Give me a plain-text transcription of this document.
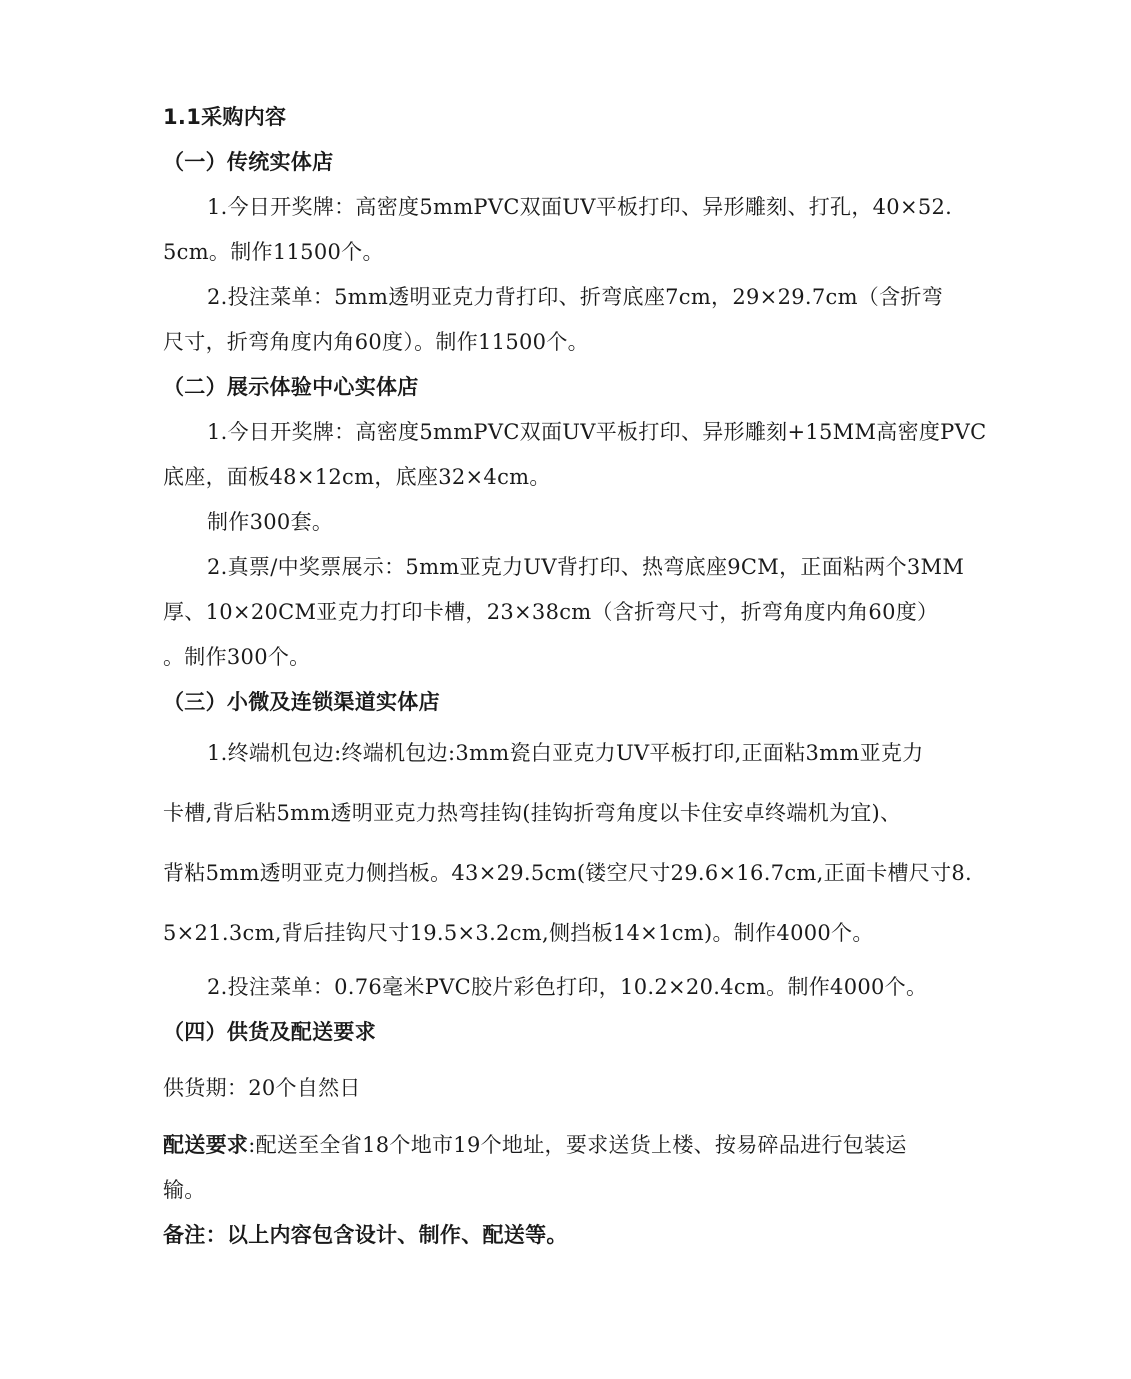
1.1采购内容
（一）传统实体店
1.今日开奖牌：高密度5mmPVC双面UV平板打印、异形雕刻、打孔，40×52.
5cm。制作11500个。
2.投注菜单：5mm透明亚克力背打印、折弯底座7cm，29×29.7cm（含折弯
尺寸，折弯角度内角60度）。制作11500个。
（二）展示体验中心实体店
1.今日开奖牌：高密度5mmPVC双面UV平板打印、异形雕刻+15MM高密度PVC
底座，面板48×12cm，底座32×4cm。
制作300套。
2.真票/中奖票展示：5mm亚克力UV背打印、热弯底座9CM，正面粘两个3MM
厚、10×20CM亚克力打印卡槽，23×38cm（含折弯尺寸，折弯角度内角60度）
。制作300个。
（三）小微及连锁渠道实体店
1.终端机包边:终端机包边:3mm瓷白亚克力UV平板打印,正面粘3mm亚克力
卡槽,背后粘5mm透明亚克力热弯挂钩(挂钩折弯角度以卡住安卓终端机为宜)、
背粘5mm透明亚克力侧挡板。43×29.5cm(镂空尺寸29.6×16.7cm,正面卡槽尺寸8.
5×21.3cm,背后挂钩尺寸19.5×3.2cm,侧挡板14×1cm)。制作4000个。
2.投注菜单：0.76毫米PVC胶片彩色打印，10.2×20.4cm。制作4000个。
（四）供货及配送要求
供货期：20个自然日
配送要求:配送至全省18个地市19个地址，要求送货上楼、按易碎品进行包装运
输。
备注：以上内容包含设计、制作、配送等。
